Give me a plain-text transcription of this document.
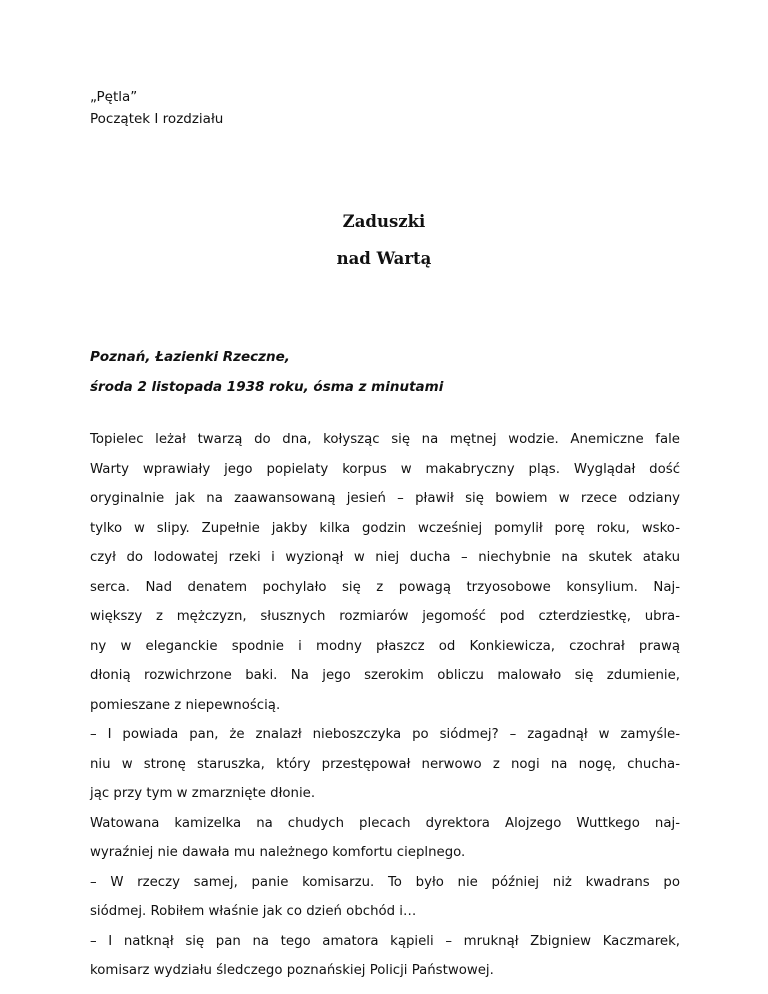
„Pętla”
Początek I rozdziału
Zaduszki
nad Wartą
Poznań, Łazienki Rzeczne,
środa 2 listopada 1938 roku, ósma z minutami
Topielec leżał twarzą do dna, kołysząc się na mętnej wodzie. Anemiczne fale
Warty wprawiały jego popielaty korpus w makabryczny pląs. Wyglądał dość
oryginalnie jak na zaawansowaną jesień – pławił się bowiem w rzece odziany
tylko w slipy. Zupełnie jakby kilka godzin wcześniej pomylił porę roku, wsko-
czył do lodowatej rzeki i wyzionął w niej ducha – niechybnie na skutek ataku
serca. Nad denatem pochylało się z powagą trzyosobowe konsylium. Naj-
większy z mężczyzn, słusznych rozmiarów jegomość pod czterdziestkę, ubra-
ny w eleganckie spodnie i modny płaszcz od Konkiewicza, czochrał prawą
dłonią rozwichrzone baki. Na jego szerokim obliczu malowało się zdumienie,
pomieszane z niepewnością.
– I powiada pan, że znalazł nieboszczyka po siódmej? – zagadnął w zamyśle-
niu w stronę staruszka, który przestępował nerwowo z nogi na nogę, chucha-
jąc przy tym w zmarznięte dłonie.
Watowana kamizelka na chudych plecach dyrektora Alojzego Wuttkego naj-
wyraźniej nie dawała mu należnego komfortu cieplnego.
– W rzeczy samej, panie komisarzu. To było nie później niż kwadrans po
siódmej. Robiłem właśnie jak co dzień obchód i…
– I natknął się pan na tego amatora kąpieli – mruknął Zbigniew Kaczmarek,
komisarz wydziału śledczego poznańskiej Policji Państwowej.
